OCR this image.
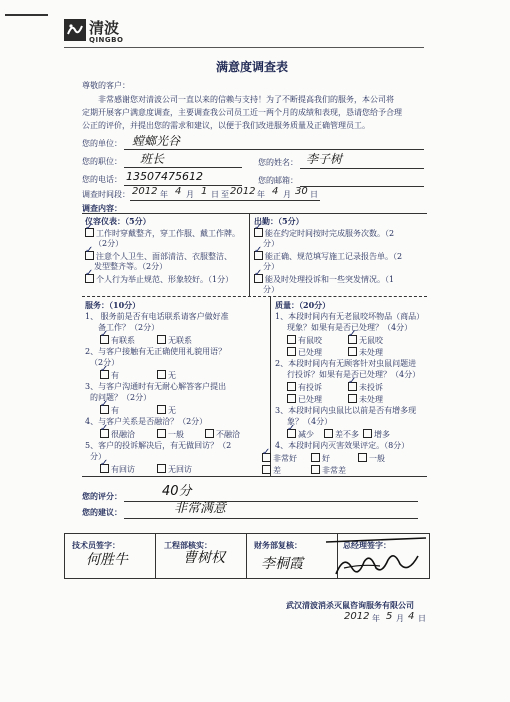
清波
QINGBO
满意度调查表
尊敬的客户：
非常感谢您对清波公司一直以来的信赖与支持！为了不断提高我们的服务，本公司将
定期开展客户满意度调查，主要调查我公司员工近一两个月的成绩和表现，恳请您给予合理
公正的评价，并提出您的需求和建议，以便于我们改进服务质量及正确管理员工。
您的单位： 螳螂光谷
您的职位： 班长	您的姓名： 李子树
您的电话： 13507475612	您的邮箱：
调查时间段： 2012 年 4 月 1 日 至 2012 年 4 月 30 日
调查内容：
仪容仪表：（5分）
✓工作时穿戴整齐，穿工作服、戴工作牌。
（2分）
✓注意个人卫生、面部清洁、衣服整洁、
发型整齐等。（2分）
✓个人行为举止规范、形象较好。（1分）
出勤：（5分）
✓能在约定时间按时完成服务次数。（2
分）
✓能正确、规范填写施工记录报告单。（2
分）
✓能及时处理投诉和一些突发情况。（1
分）
服务：（10分）
1、 服务前是否有电话联系请客户做好准
备工作？（2分）
✓有联系	无联系
2、与客户接触有无正确使用礼貌用语？
（2分）
✓有	无
3、与客户沟通时有无耐心解答客户提出
的问题？（2分）
✓有	无
4、与客户关系是否融洽？（2分）
✓很融洽	一般	不融洽
5、客户的投诉解决后，有无做回访？（2
分）
✓有回访	无回访
质量：（20分）
1、本段时间内有无老鼠咬坏物品（商品）
现象？如果有是否已处理？（4分）
有鼠咬 ✓	无鼠咬
已处理	未处理
2、本段时间内有无顾客针对虫鼠问题进
行投诉？如果有是否已处理？（4分）
有投诉 ✓	未投诉
已处理	未处理
3、本段时间内虫鼠比以前是否有增多现
象？（4分）
✓减少	差不多	增多
4、本段时间内灭害效果评定。（8分）
✓非常好	好	一般
差	非常差
您的评分：	40分
您的建议：	非常满意
技术员签字：
何胜牛
工程部核实：
曹树权
财务部复核：
李桐霞
总经理签字：
武汉清波消杀灭鼠咨询服务有限公司
2012 年 5 月 4 日
